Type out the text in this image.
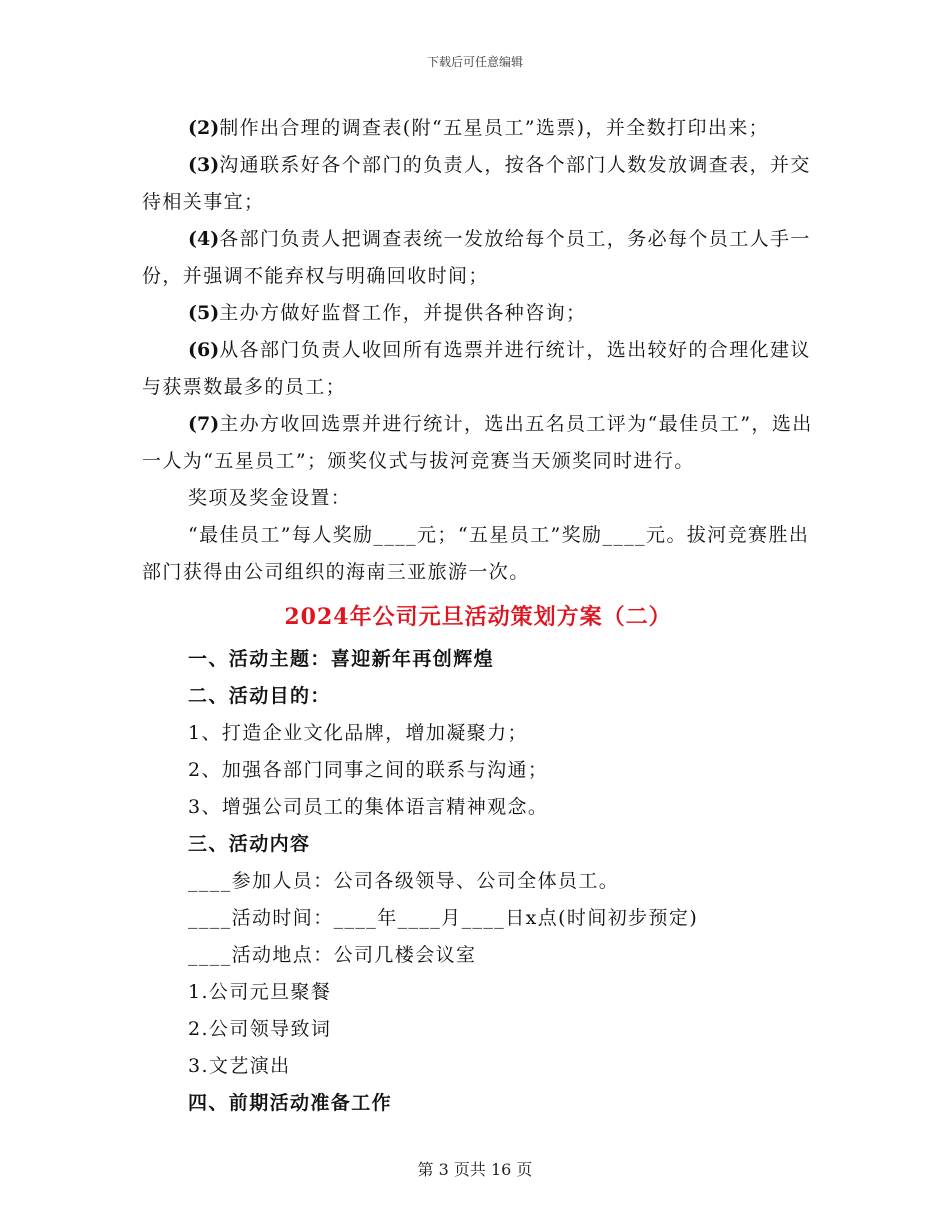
下载后可任意编辑

(2)制作出合理的调查表(附“五星员工”选票)，并全数打印出来；

(3)沟通联系好各个部门的负责人，按各个部门人数发放调查表，并交待相关事宜；

(4)各部门负责人把调查表统一发放给每个员工，务必每个员工人手一份，并强调不能弃权与明确回收时间；

(5)主办方做好监督工作，并提供各种咨询；

(6)从各部门负责人收回所有选票并进行统计，选出较好的合理化建议与获票数最多的员工；

(7)主办方收回选票并进行统计，选出五名员工评为“最佳员工”，选出一人为“五星员工”；颁奖仪式与拔河竞赛当天颁奖同时进行。

奖项及奖金设置：

“最佳员工”每人奖励____元；“五星员工”奖励____元。拔河竞赛胜出部门获得由公司组织的海南三亚旅游一次。

2024年公司元旦活动策划方案（二）

一、活动主题：喜迎新年再创辉煌

二、活动目的：

1、打造企业文化品牌，增加凝聚力；

2、加强各部门同事之间的联系与沟通；

3、增强公司员工的集体语言精神观念。

三、活动内容

____参加人员：公司各级领导、公司全体员工。

____活动时间：____年____月____日x点(时间初步预定)

____活动地点：公司几楼会议室

1.公司元旦聚餐

2.公司领导致词

3.文艺演出

四、前期活动准备工作

第 3 页共 16 页
